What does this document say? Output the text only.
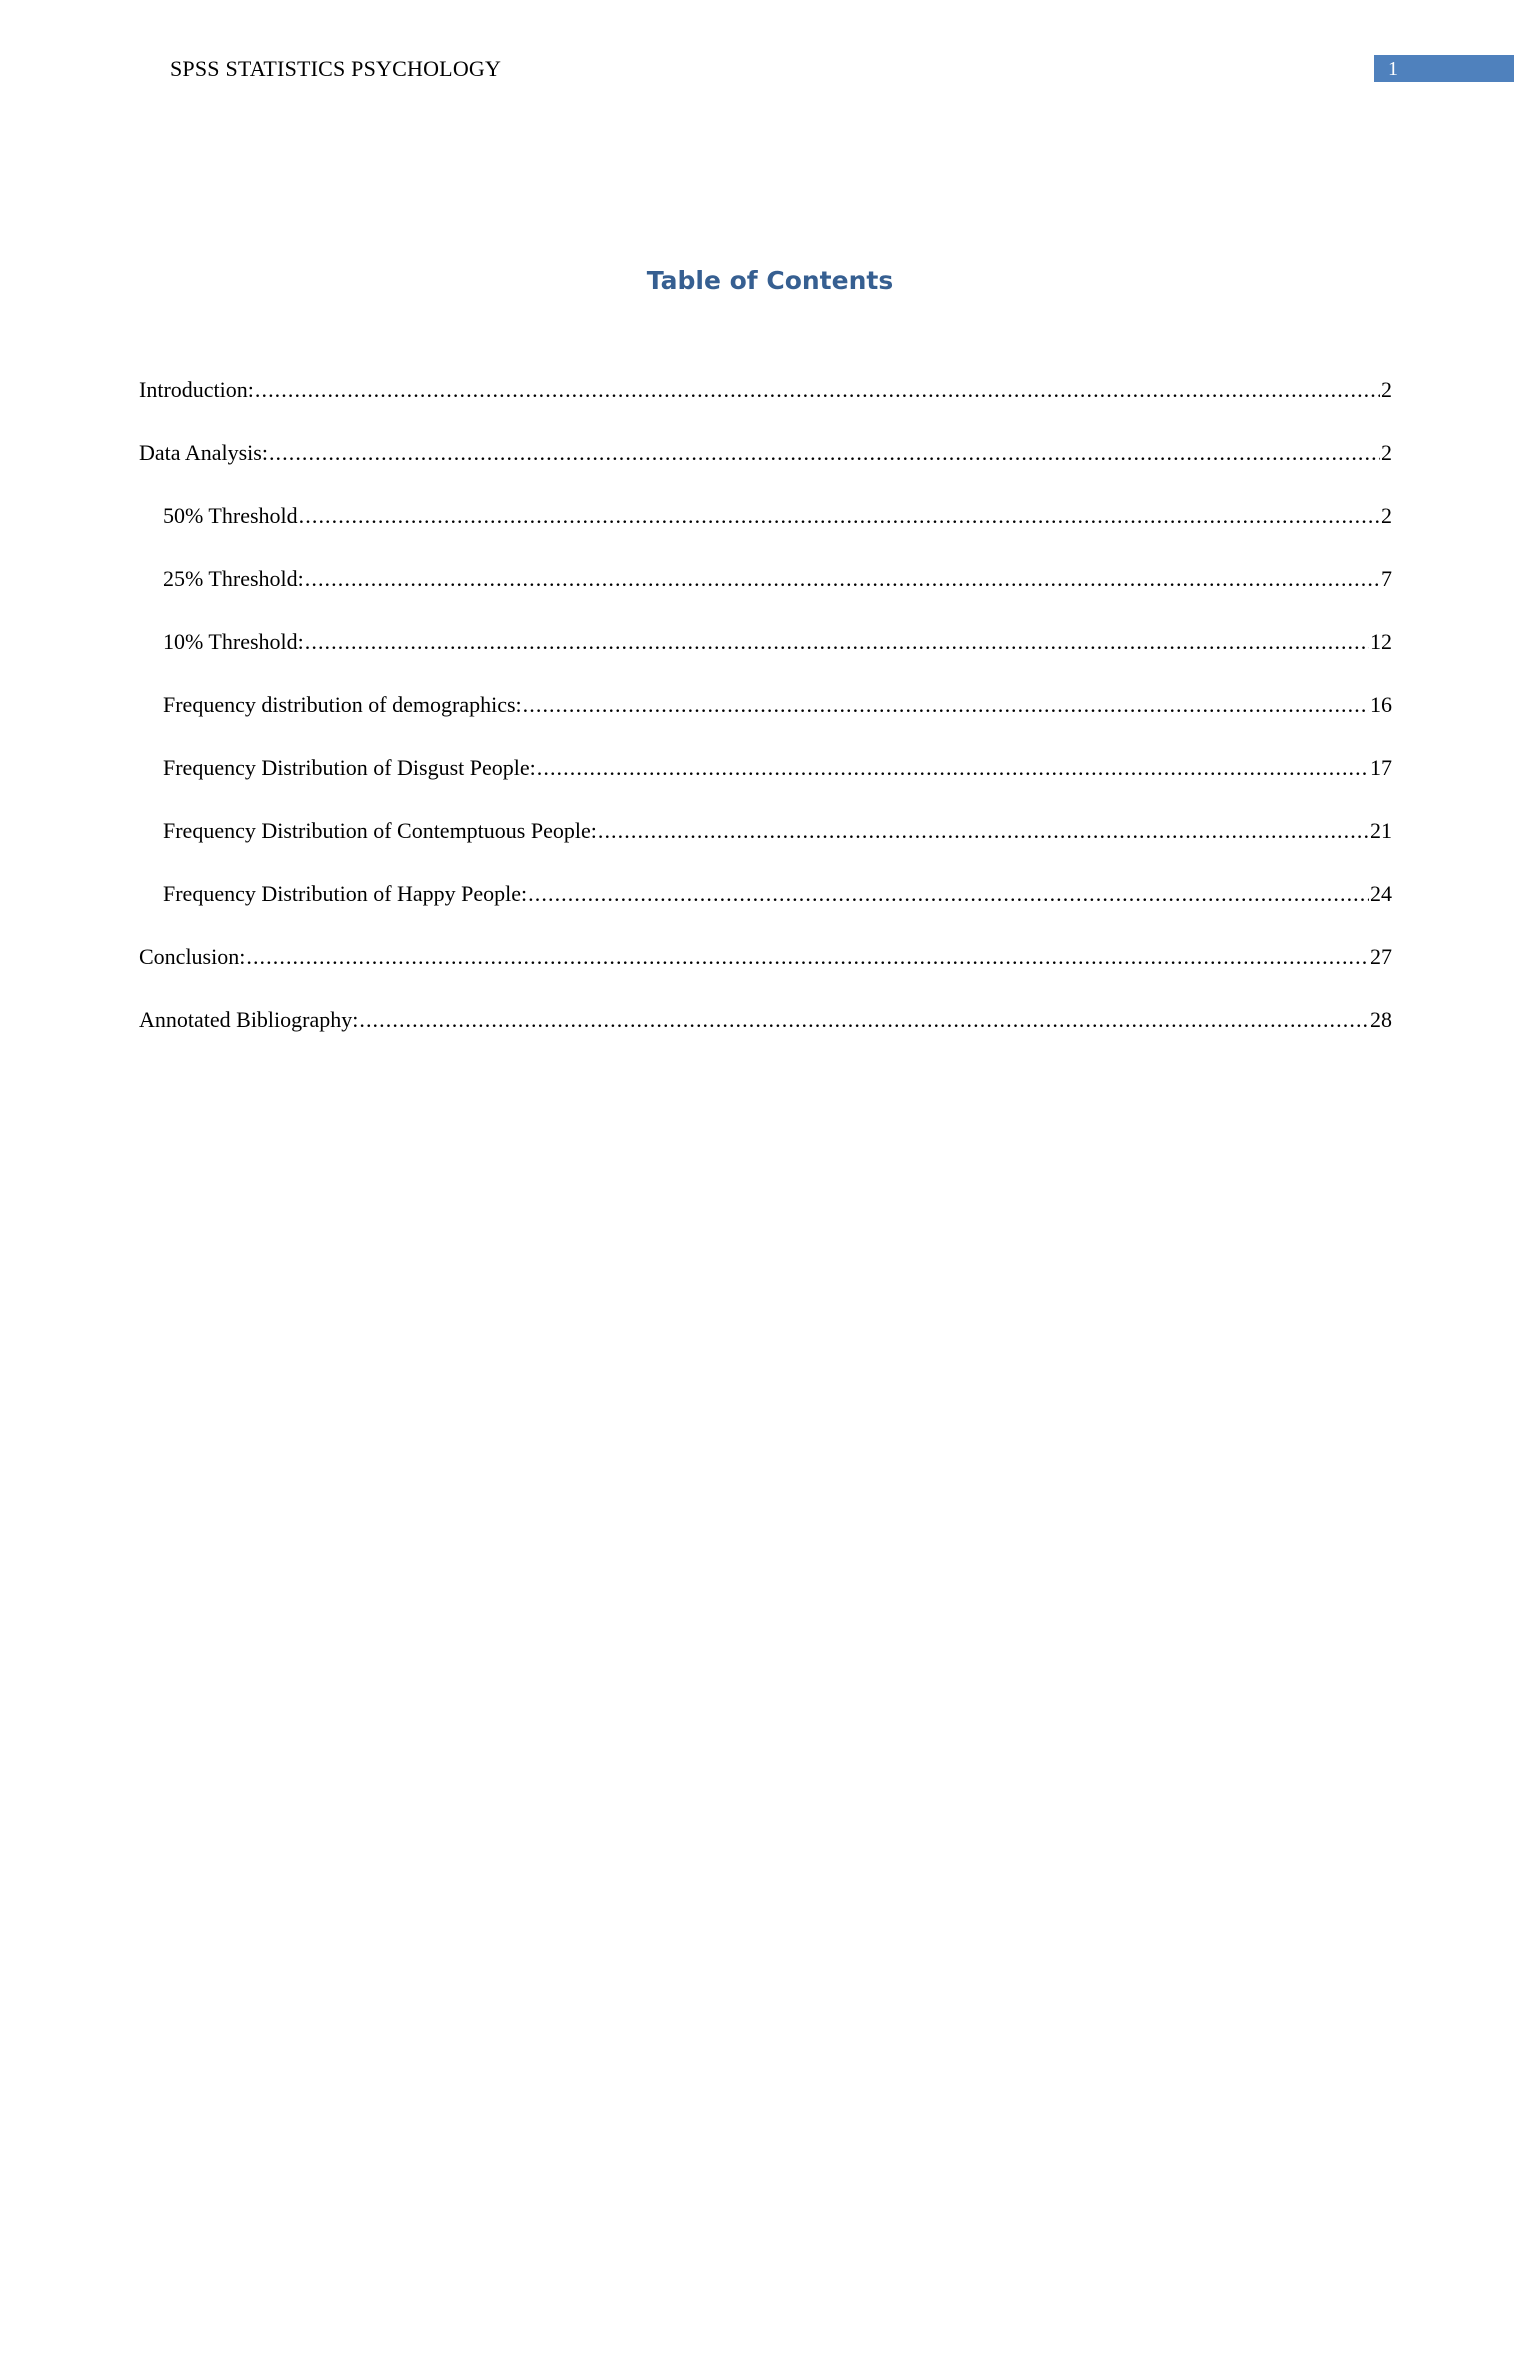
SPSS STATISTICS PSYCHOLOGY	1
Table of Contents
Introduction: .....	2
Data Analysis: .....	2
50% Threshold .....	2
25% Threshold: .....	7
10% Threshold: .....	12
Frequency distribution of demographics: .....	16
Frequency Distribution of Disgust People: .....	17
Frequency Distribution of Contemptuous People: .....	21
Frequency Distribution of Happy People: .....	24
Conclusion: .....	27
Annotated Bibliography: .....	28
